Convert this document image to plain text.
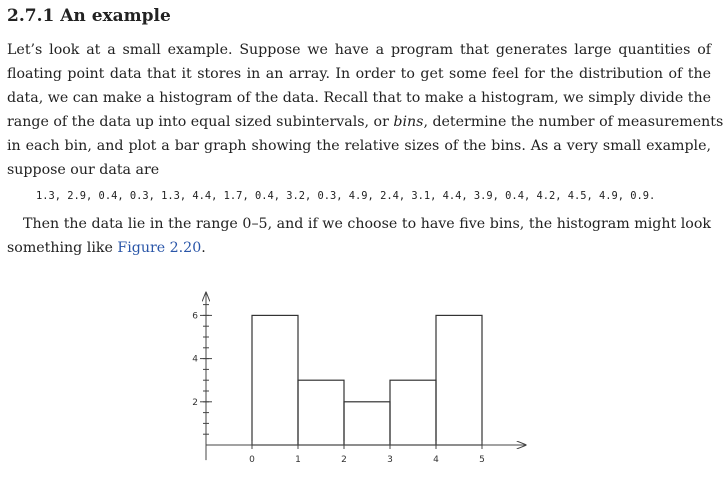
2.7.1 An example

Let’s look at a small example. Suppose we have a program that generates large quantities of
floating point data that it stores in an array. In order to get some feel for the distribution of the
data, we can make a histogram of the data. Recall that to make a histogram, we simply divide the
range of the data up into equal sized subintervals, or bins, determine the number of measurements
in each bin, and plot a bar graph showing the relative sizes of the bins. As a very small example,
suppose our data are

1.3, 2.9, 0.4, 0.3, 1.3, 4.4, 1.7, 0.4, 3.2, 0.3, 4.9, 2.4, 3.1, 4.4, 3.9, 0.4, 4.2, 4.5, 4.9, 0.9.

Then the data lie in the range 0–5, and if we choose to have five bins, the histogram might look
something like Figure 2.20.

0	1	2	3	4	5
2
4
6
